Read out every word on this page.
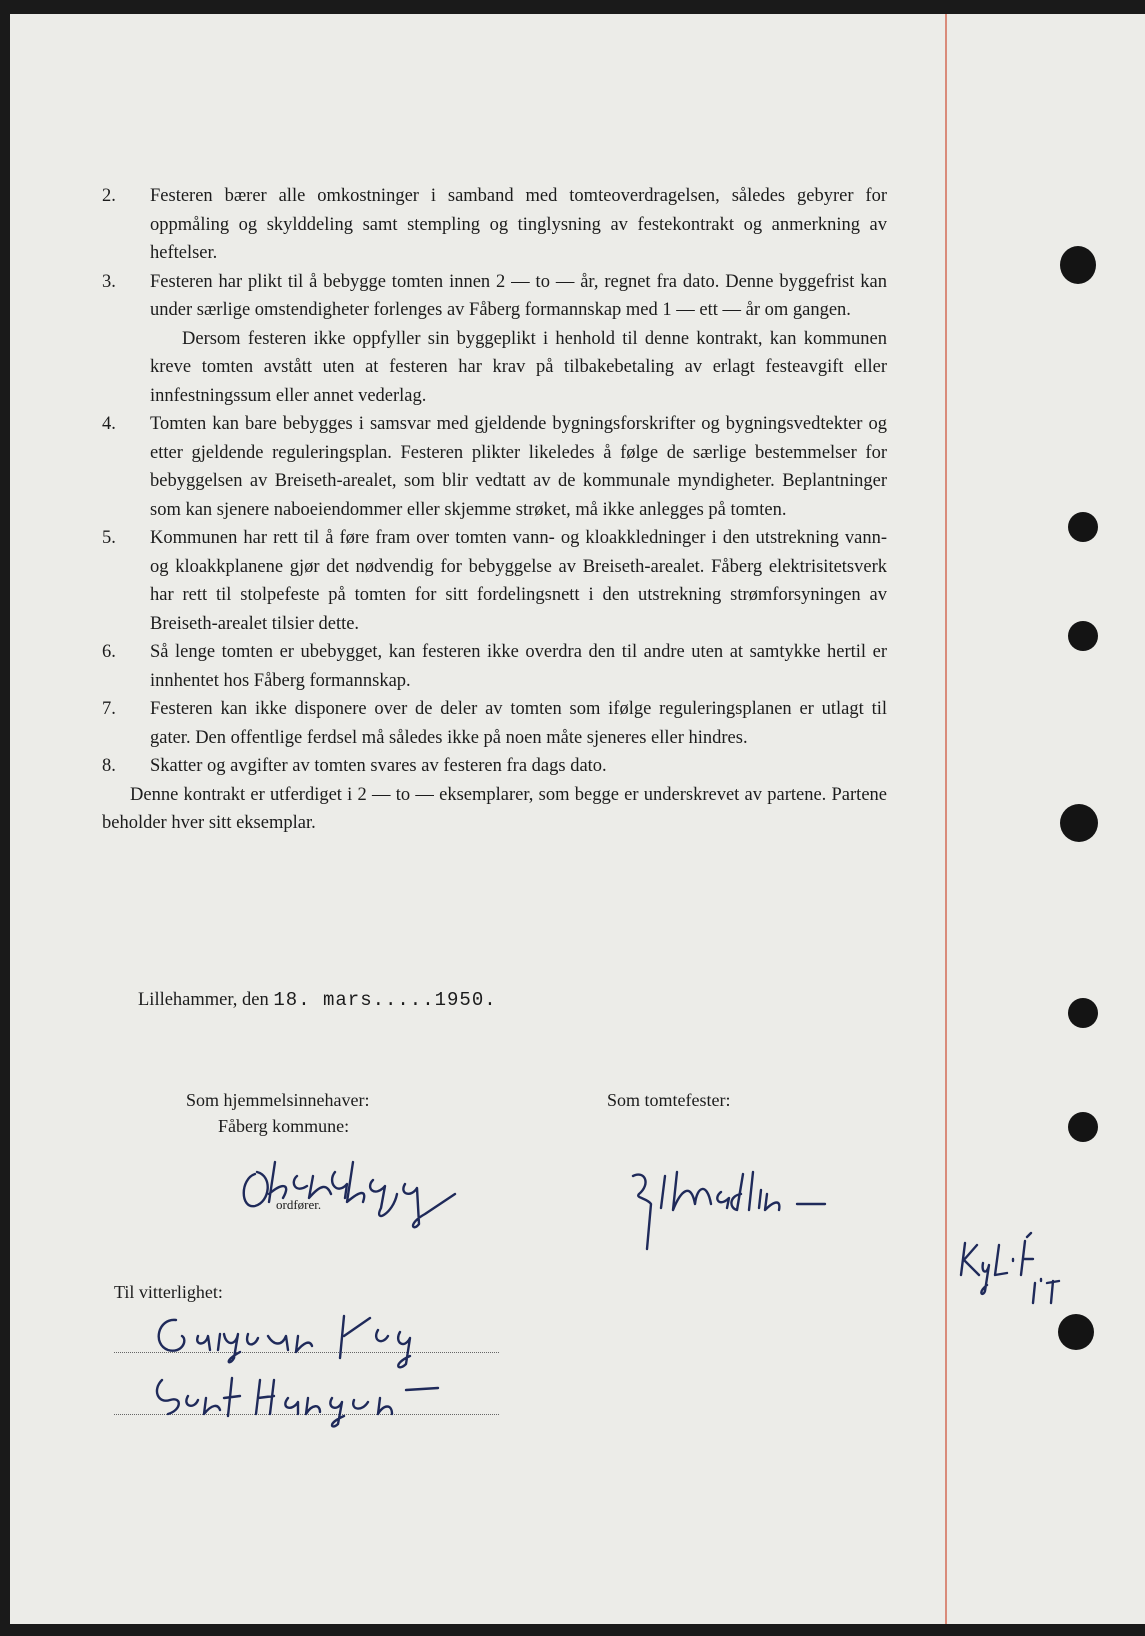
2. Festeren bærer alle omkostninger i samband med tomteoverdragelsen, således gebyrer for oppmåling og skylddeling samt stempling og tinglysning av festekontrakt og anmerkning av heftelser.
3. Festeren har plikt til å bebygge tomten innen 2 — to — år, regnet fra dato. Denne byggefrist kan under særlige omstendigheter forlenges av Fåberg formannskap med 1 — ett — år om gangen.
Dersom festeren ikke oppfyller sin byggeplikt i henhold til denne kontrakt, kan kommunen kreve tomten avstått uten at festeren har krav på tilbakebetaling av erlagt festeavgift eller innfestningssum eller annet vederlag.
4. Tomten kan bare bebygges i samsvar med gjeldende bygningsforskrifter og bygningsvedtekter og etter gjeldende reguleringsplan. Festeren plikter likeledes å følge de særlige bestemmelser for bebyggelsen av Breiseth-arealet, som blir vedtatt av de kommunale myndigheter. Beplantninger som kan sjenere naboeiendommer eller skjemme strøket, må ikke anlegges på tomten.
5. Kommunen har rett til å føre fram over tomten vann- og kloakkledninger i den utstrekning vann- og kloakkplanene gjør det nødvendig for bebyggelse av Breiseth-arealet. Fåberg elektrisitetsverk har rett til stolpefeste på tomten for sitt fordelingsnett i den utstrekning strømforsyningen av Breiseth-arealet tilsier dette.
6. Så lenge tomten er ubebygget, kan festeren ikke overdra den til andre uten at samtykke hertil er innhentet hos Fåberg formannskap.
7. Festeren kan ikke disponere over de deler av tomten som ifølge reguleringsplanen er utlagt til gater. Den offentlige ferdsel må således ikke på noen måte sjeneres eller hindres.
8. Skatter og avgifter av tomten svares av festeren fra dags dato.
Denne kontrakt er utferdiget i 2 — to — eksemplarer, som begge er underskrevet av partene. Partene beholder hver sitt eksemplar.
Lillehammer, den 18. mars.....1950.
Som hjemmelsinnehaver:
Fåberg kommune:
Som tomtefester:
ordfører.
Til vitterlighet:
